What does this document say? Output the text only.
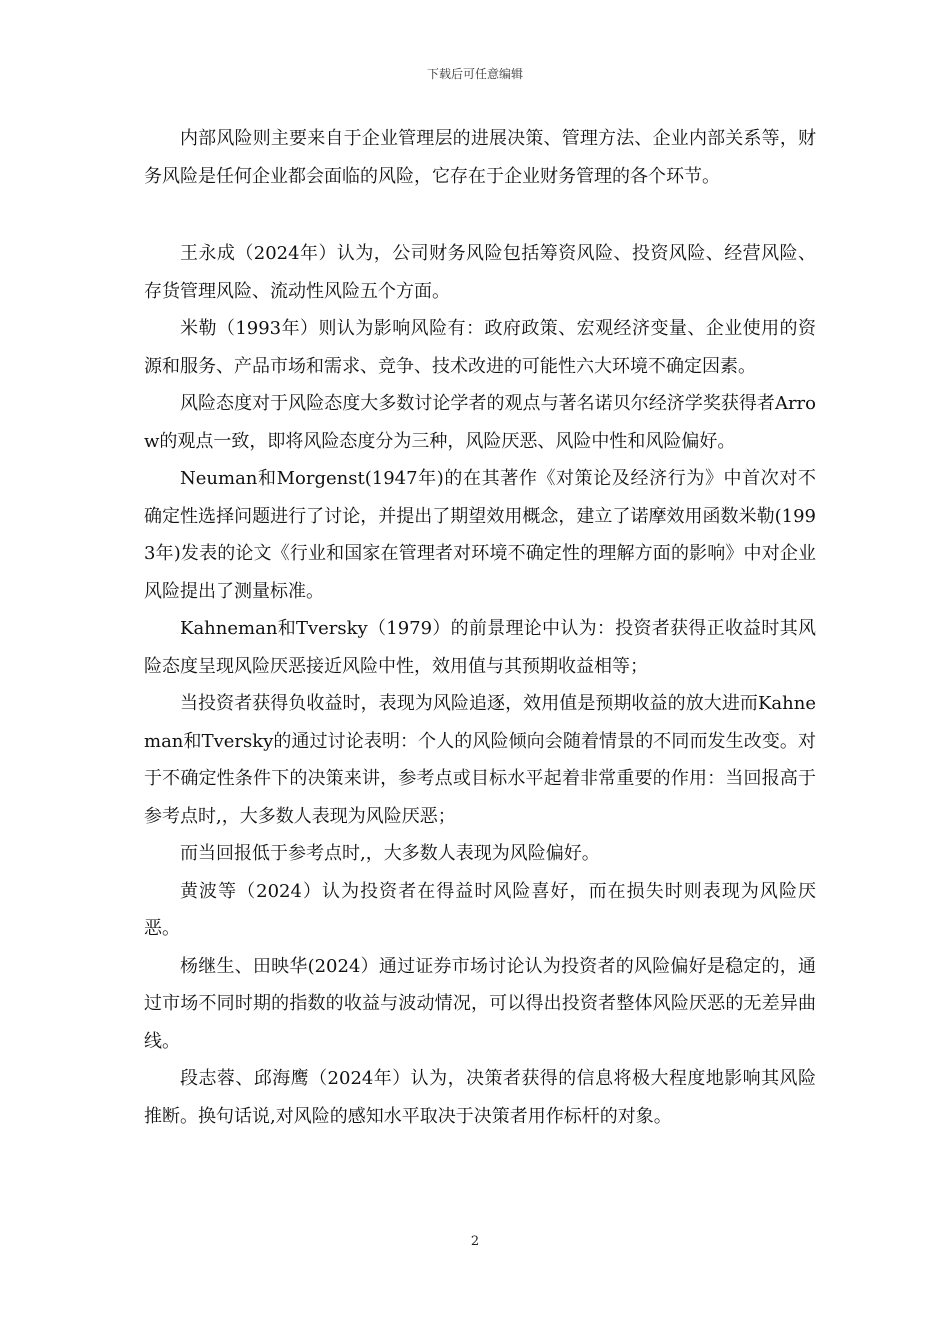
下载后可任意编辑

内部风险则主要来自于企业管理层的进展决策、管理方法、企业内部关系等，财务风险是任何企业都会面临的风险，它存在于企业财务管理的各个环节。

王永成（2024年）认为，公司财务风险包括筹资风险、投资风险、经营风险、存货管理风险、流动性风险五个方面。

米勒（1993年）则认为影响风险有：政府政策、宏观经济变量、企业使用的资源和服务、产品市场和需求、竞争、技术改进的可能性六大环境不确定因素。

风险态度对于风险态度大多数讨论学者的观点与著名诺贝尔经济学奖获得者Arrow的观点一致，即将风险态度分为三种，风险厌恶、风险中性和风险偏好。

Neuman和Morgenst(1947年)的在其著作《对策论及经济行为》中首次对不确定性选择问题进行了讨论，并提出了期望效用概念，建立了诺摩效用函数米勒(1993年)发表的论文《行业和国家在管理者对环境不确定性的理解方面的影响》中对企业风险提出了测量标准。

Kahneman和Tversky（1979）的前景理论中认为：投资者获得正收益时其风险态度呈现风险厌恶接近风险中性，效用值与其预期收益相等；

当投资者获得负收益时，表现为风险追逐，效用值是预期收益的放大进而Kahneman和Tversky的通过讨论表明：个人的风险倾向会随着情景的不同而发生改变。对于不确定性条件下的决策来讲，参考点或目标水平起着非常重要的作用：当回报高于参考点时,，大多数人表现为风险厌恶；

而当回报低于参考点时,，大多数人表现为风险偏好。

黄波等（2024）认为投资者在得益时风险喜好，而在损失时则表现为风险厌恶。

杨继生、田映华(2024）通过证券市场讨论认为投资者的风险偏好是稳定的，通过市场不同时期的指数的收益与波动情况，可以得出投资者整体风险厌恶的无差异曲线。

段志蓉、邱海鹰（2024年）认为，决策者获得的信息将极大程度地影响其风险推断。换句话说,对风险的感知水平取决于决策者用作标杆的对象。

2
